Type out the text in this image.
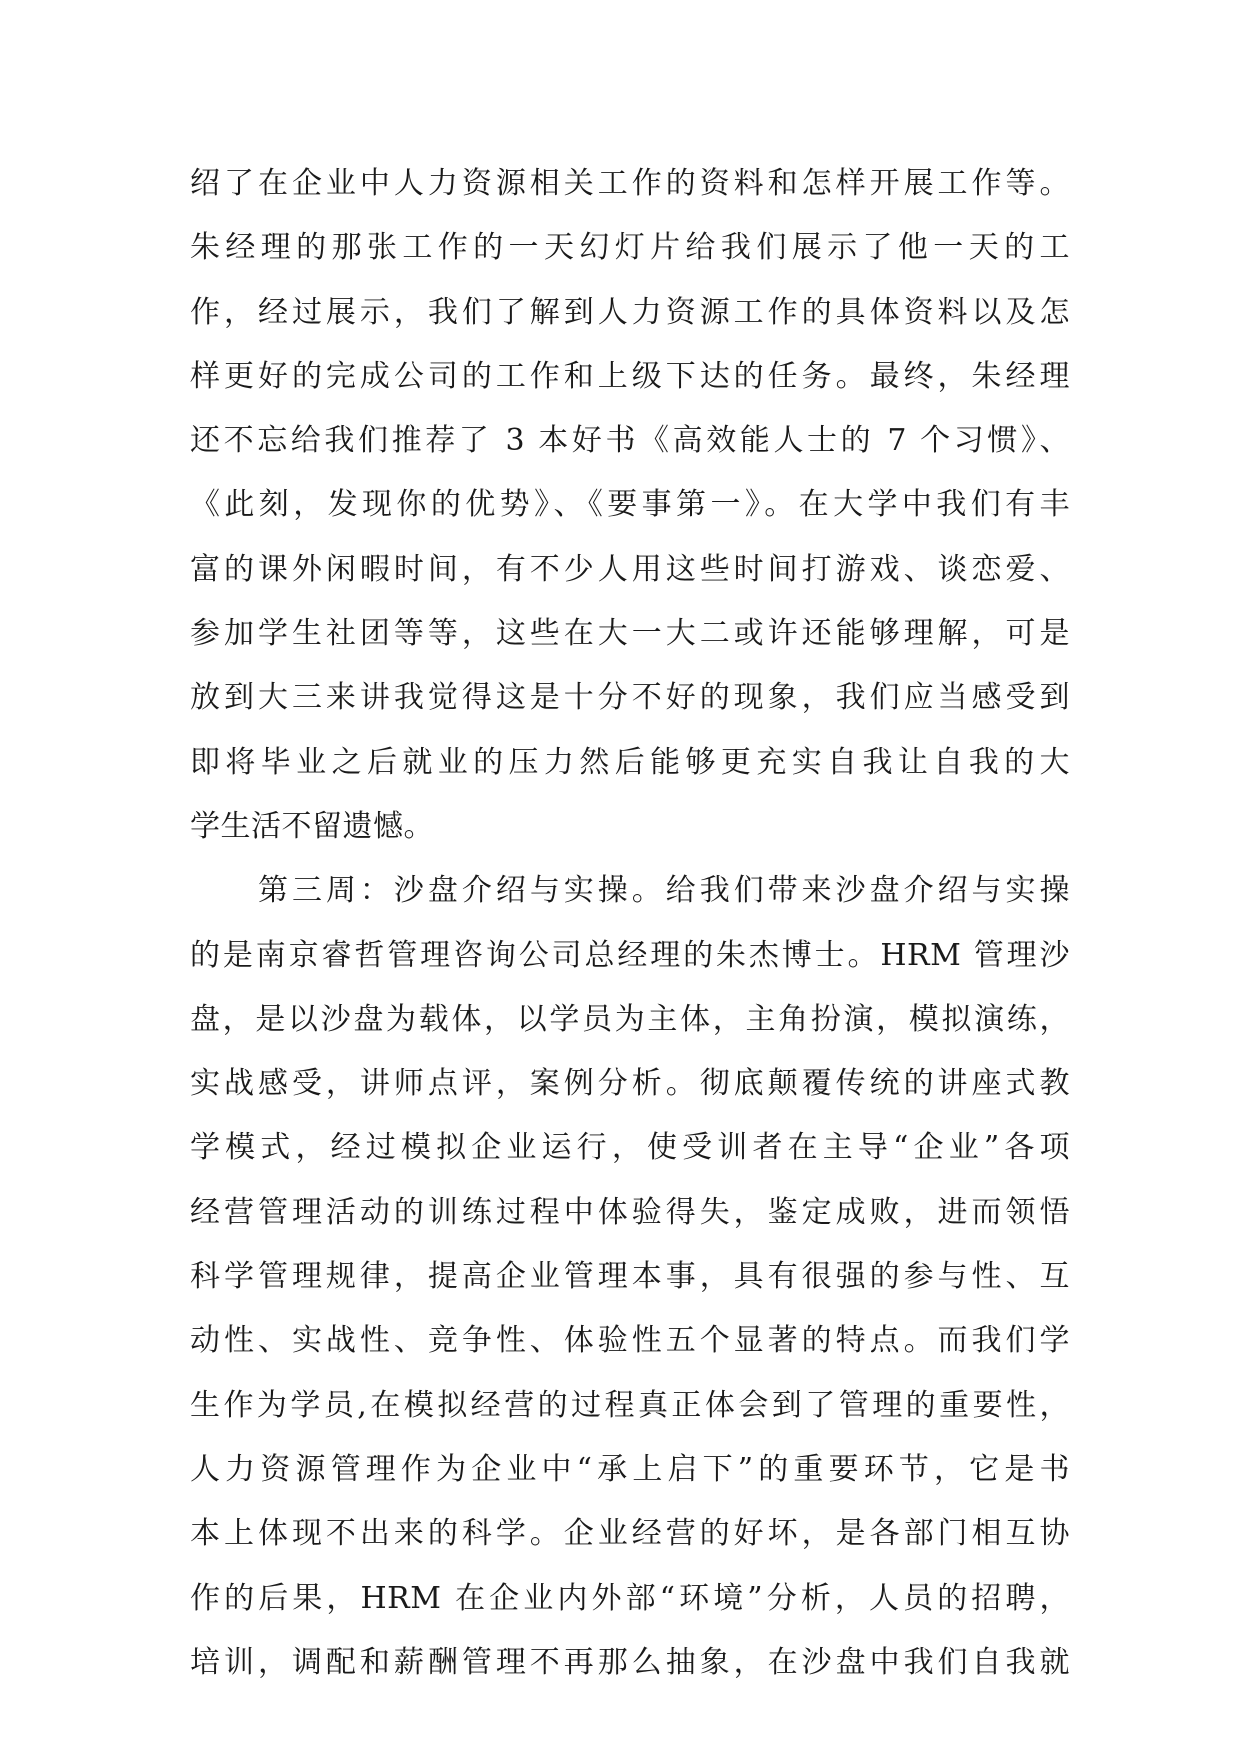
绍了在企业中人力资源相关工作的资料和怎样开展工作等。
朱经理的那张工作的一天幻灯片给我们展示了他一天的工
作，经过展示，我们了解到人力资源工作的具体资料以及怎
样更好的完成公司的工作和上级下达的任务。最终，朱经理
还不忘给我们推荐了 3 本好书《高效能人士的 7 个习惯》、
《此刻，发现你的优势》、《要事第一》。在大学中我们有丰
富的课外闲暇时间，有不少人用这些时间打游戏、谈恋爱、
参加学生社团等等，这些在大一大二或许还能够理解，可是
放到大三来讲我觉得这是十分不好的现象，我们应当感受到
即将毕业之后就业的压力然后能够更充实自我让自我的大
学生活不留遗憾。
第三周：沙盘介绍与实操。给我们带来沙盘介绍与实操
的是南京睿哲管理咨询公司总经理的朱杰博士。HRM 管理沙
盘，是以沙盘为载体，以学员为主体，主角扮演，模拟演练，
实战感受，讲师点评，案例分析。彻底颠覆传统的讲座式教
学模式，经过模拟企业运行，使受训者在主导“企业”各项
经营管理活动的训练过程中体验得失，鉴定成败，进而领悟
科学管理规律，提高企业管理本事，具有很强的参与性、互
动性、实战性、竞争性、体验性五个显著的特点。而我们学
生作为学员,在模拟经营的过程真正体会到了管理的重要性，
人力资源管理作为企业中“承上启下”的重要环节，它是书
本上体现不出来的科学。企业经营的好坏，是各部门相互协
作的后果，HRM 在企业内外部“环境”分析，人员的招聘，
培训，调配和薪酬管理不再那么抽象，在沙盘中我们自我就
